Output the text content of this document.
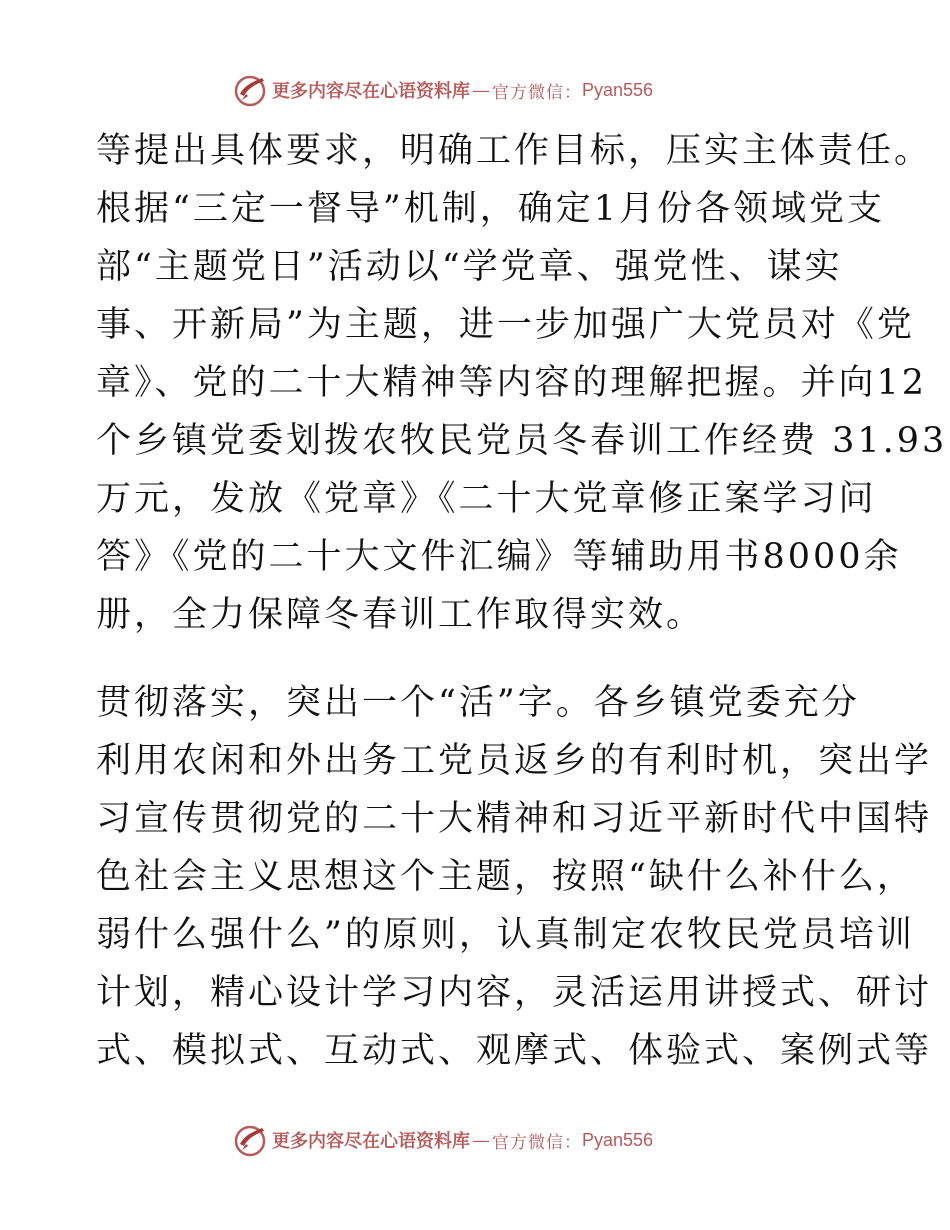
更多内容尽在心语资料库 — 官方微信： Pyan556
等提出具体要求，明确工作目标，压实主体责任。
根据“三定一督导”机制，确定1月份各领域党支
部“主题党日”活动以“学党章、强党性、谋实
事、开新局”为主题，进一步加强广大党员对《党
章》、党的二十大精神等内容的理解把握。并向12
个乡镇党委划拨农牧民党员冬春训工作经费 31.93
万元，发放《党章》《二十大党章修正案学习问
答》《党的二十大文件汇编》等辅助用书8000余
册，全力保障冬春训工作取得实效。
贯彻落实，突出一个“活”字。各乡镇党委充分
利用农闲和外出务工党员返乡的有利时机，突出学
习宣传贯彻党的二十大精神和习近平新时代中国特
色社会主义思想这个主题，按照“缺什么补什么，
弱什么强什么”的原则，认真制定农牧民党员培训
计划，精心设计学习内容，灵活运用讲授式、研讨
式、模拟式、互动式、观摩式、体验式、案例式等
更多内容尽在心语资料库 — 官方微信： Pyan556
